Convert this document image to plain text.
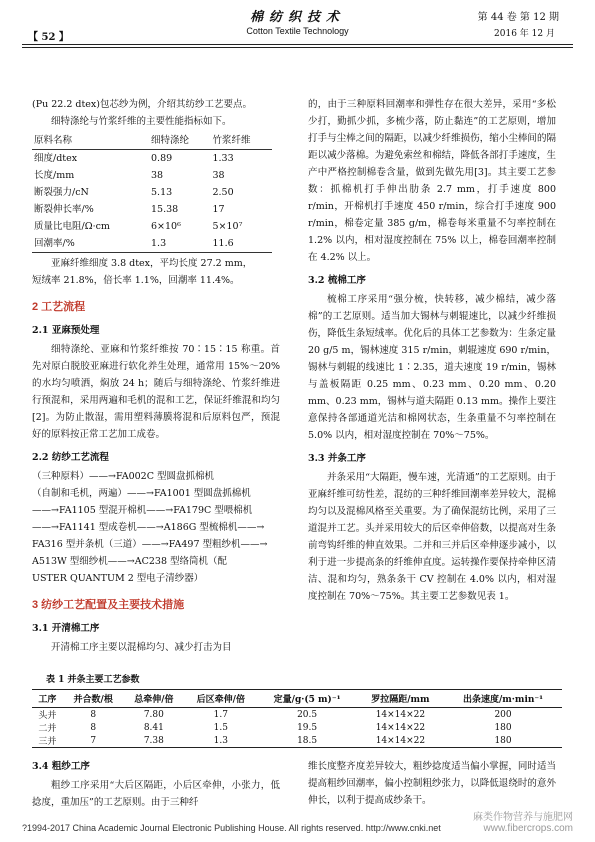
【 52 】
棉纺织技术
Cotton Textile Technology
第 44 卷 第 12 期
2016 年 12 月

(Pu 22.2 dtex)包芯纱为例，介绍其纺纱工艺要点。

细特涤纶与竹浆纤维的主要性能指标如下。

原料名称	细特涤纶	竹浆纤维
细度/dtex	0.89	1.33
长度/mm	38	38
断裂强力/cN	5.13	2.50
断裂伸长率/%	15.38	17
质量比电阻/Ω·cm	6×10⁶	5×10⁷
回潮率/%	1.3	11.6

亚麻纤维细度 3.8 dtex，平均长度 27.2 mm，

短绒率 21.8%，倍长率 1.1%，回潮率 11.4%。

2 工艺流程
2.1 亚麻预处理

细特涤纶、亚麻和竹浆纤维按 70∶15∶15 称重。首先对原白脱胶亚麻进行软化养生处理，通常用 15%～20% 的水均匀喷洒，焖放 24 h；随后与细特涤纶、竹浆纤维进行预混和，采用两遍和毛机的混和工艺，保证纤维混和均匀[2]。为防止散湿，需用塑料薄膜将混和后原料包严，预混好的原料按正常工艺加工成卷。

2.2 纺纱工艺流程

（三种原料）——→FA002C 型圆盘抓棉机

（自制和毛机，两遍）——→FA1001 型圆盘抓棉机

——→FA1105 型混开棉机——→FA179C 型喂棉机

——→FA1141 型成卷机——→A186G 型梳棉机——→

FA316 型并条机（三道）——→FA497 型粗纱机——→

A513W 型细纱机——→AC238 型络筒机（配

USTER QUANTUM 2 型电子清纱器）

3 纺纱工艺配置及主要技术措施
3.1 开清棉工序

开清棉工序主要以混棉均匀、减少打击为目

的，由于三种原料回潮率和弹性存在很大差异，采用“多松少打，勤抓少抓，多梳少落，防止黏连”的工艺原则，增加打手与尘棒之间的隔距，以减少纤维损伤，缩小尘棒间的隔距以减少落棉。为避免索丝和棉结，降低各部打手速度，生产中严格控制棉卷含量，做到先做先用[3]。其主要工艺参数：抓棉机打手伸出肋条 2.7 mm，打手速度 800 r/min，开棉机打手速度 450 r/min，综合打手速度 900 r/min，棉卷定量 385 g/m，棉卷每米重量不匀率控制在 1.2% 以内，相对湿度控制在 75% 以上，棉卷回潮率控制在 4.2% 以上。

3.2 梳棉工序

梳棉工序采用“强分梳，快转移，减少棉结，减少落棉”的工艺原则。适当加大锡林与刺辊速比，以减少纤维损伤，降低生条短绒率。优化后的具体工艺参数为：生条定量 20 g/5 m，锡林速度 315 r/min，刺辊速度 690 r/min，锡林与刺辊的线速比 1∶2.35，道夫速度 19 r/min，锡林与盖板隔距 0.25 mm、0.23 mm、0.20 mm、0.20 mm、0.23 mm，锡林与道夫隔距 0.13 mm。操作上要注意保持各部通道光洁和棉网状态，生条重量不匀率控制在 5.0% 以内，相对湿度控制在 70%～75%。

3.3 并条工序

并条采用“大隔距，慢车速，光清通”的工艺原则。由于亚麻纤维可纺性差，混纺的三种纤维回潮率差异较大，混棉均匀以及混棉风格至关重要。为了确保混纺比例，采用了三道混并工艺。头并采用较大的后区牵伸倍数，以提高对生条前弯钩纤维的伸直效果。二并和三并后区牵伸逐步减小，以利于进一步提高条的纤维伸直度。运转操作要保持牵伸区清洁、混和均匀，熟条条干 CV 控制在 4.0% 以内，相对湿度控制在 70%～75%。其主要工艺参数见表 1。

表 1 并条主要工艺参数
工序	并合数/根	总牵伸/倍	后区牵伸/倍	定量/g·(5 m)⁻¹	罗拉隔距/mm	出条速度/m·min⁻¹
头并	8	7.80	1.7	20.5	14×14×22	200
二并	8	8.41	1.5	19.5	14×14×22	180
三并	7	7.38	1.3	18.5	14×14×22	180
3.4 粗纱工序

粗纱工序采用“大后区隔距，小后区牵伸，小张力，低捻度，重加压”的工艺原则。由于三种纤

维长度整齐度差异较大，粗纱捻度适当偏小掌握，同时适当提高粗纱回潮率，偏小控制粗纱张力，以降低退绕时的意外伸长，以利于提高成纱条干。

麻类作物营养与施肥网
www.fibercrops.com
?1994-2017 China Academic Journal Electronic Publishing House. All rights reserved. http://www.cnki.net
